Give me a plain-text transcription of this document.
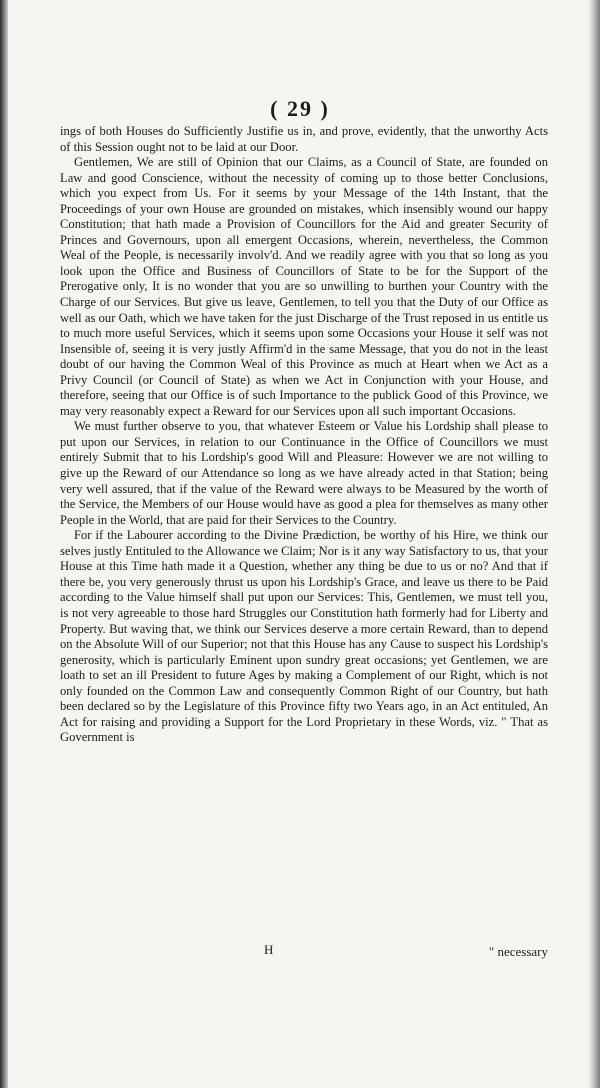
( 29 )

ings of both Houses do Sufficiently Justifie us in, and prove, evidently, that the unworthy Acts of this Session ought not to be laid at our Door.

Gentlemen, We are still of Opinion that our Claims, as a Council of State, are founded on Law and good Conscience, without the necessity of coming up to those better Conclusions, which you expect from Us. For it seems by your Message of the 14th Instant, that the Proceedings of your own House are grounded on mistakes, which insensibly wound our happy Constitution; that hath made a Provision of Councillors for the Aid and greater Security of Princes and Governours, upon all emergent Occasions, wherein, nevertheless, the Common Weal of the People, is necessarily involv'd. And we readily agree with you that so long as you look upon the Office and Business of Councillors of State to be for the Support of the Prerogative only, It is no wonder that you are so unwilling to burthen your Country with the Charge of our Services. But give us leave, Gentlemen, to tell you that the Duty of our Office as well as our Oath, which we have taken for the just Discharge of the Trust reposed in us entitle us to much more useful Services, which it seems upon some Occasions your House it self was not Insensible of, seeing it is very justly Affirm'd in the same Message, that you do not in the least doubt of our having the Common Weal of this Province as much at Heart when we Act as a Privy Council (or Council of State) as when we Act in Conjunction with your House, and therefore, seeing that our Office is of such Importance to the publick Good of this Province, we may very reasonably expect a Reward for our Services upon all such important Occasions.

We must further observe to you, that whatever Esteem or Value his Lordship shall please to put upon our Services, in relation to our Continuance in the Office of Councillors we must entirely Submit that to his Lordship's good Will and Pleasure: However we are not willing to give up the Reward of our Attendance so long as we have already acted in that Station; being very well assured, that if the value of the Reward were always to be Measured by the worth of the Service, the Members of our House would have as good a plea for themselves as many other People in the World, that are paid for their Services to the Country.

For if the Labourer according to the Divine Prædiction, be worthy of his Hire, we think our selves justly Entituled to the Allowance we Claim; Nor is it any way Satisfactory to us, that your House at this Time hath made it a Question, whether any thing be due to us or no? And that if there be, you very generously thrust us upon his Lordship's Grace, and leave us there to be Paid according to the Value himself shall put upon our Services: This, Gentlemen, we must tell you, is not very agreeable to those hard Struggles our Constitution hath formerly had for Liberty and Property. But waving that, we think our Services deserve a more certain Reward, than to depend on the Absolute Will of our Superior; not that this House has any Cause to suspect his Lordship's generosity, which is particularly Eminent upon sundry great occasions; yet Gentlemen, we are loath to set an ill President to future Ages by making a Complement of our Right, which is not only founded on the Common Law and consequently Common Right of our Country, but hath been declared so by the Legislature of this Province fifty two Years ago, in an Act entituled, An Act for raising and providing a Support for the Lord Proprietary in these Words, viz. " That as Government is

H	" necessary
